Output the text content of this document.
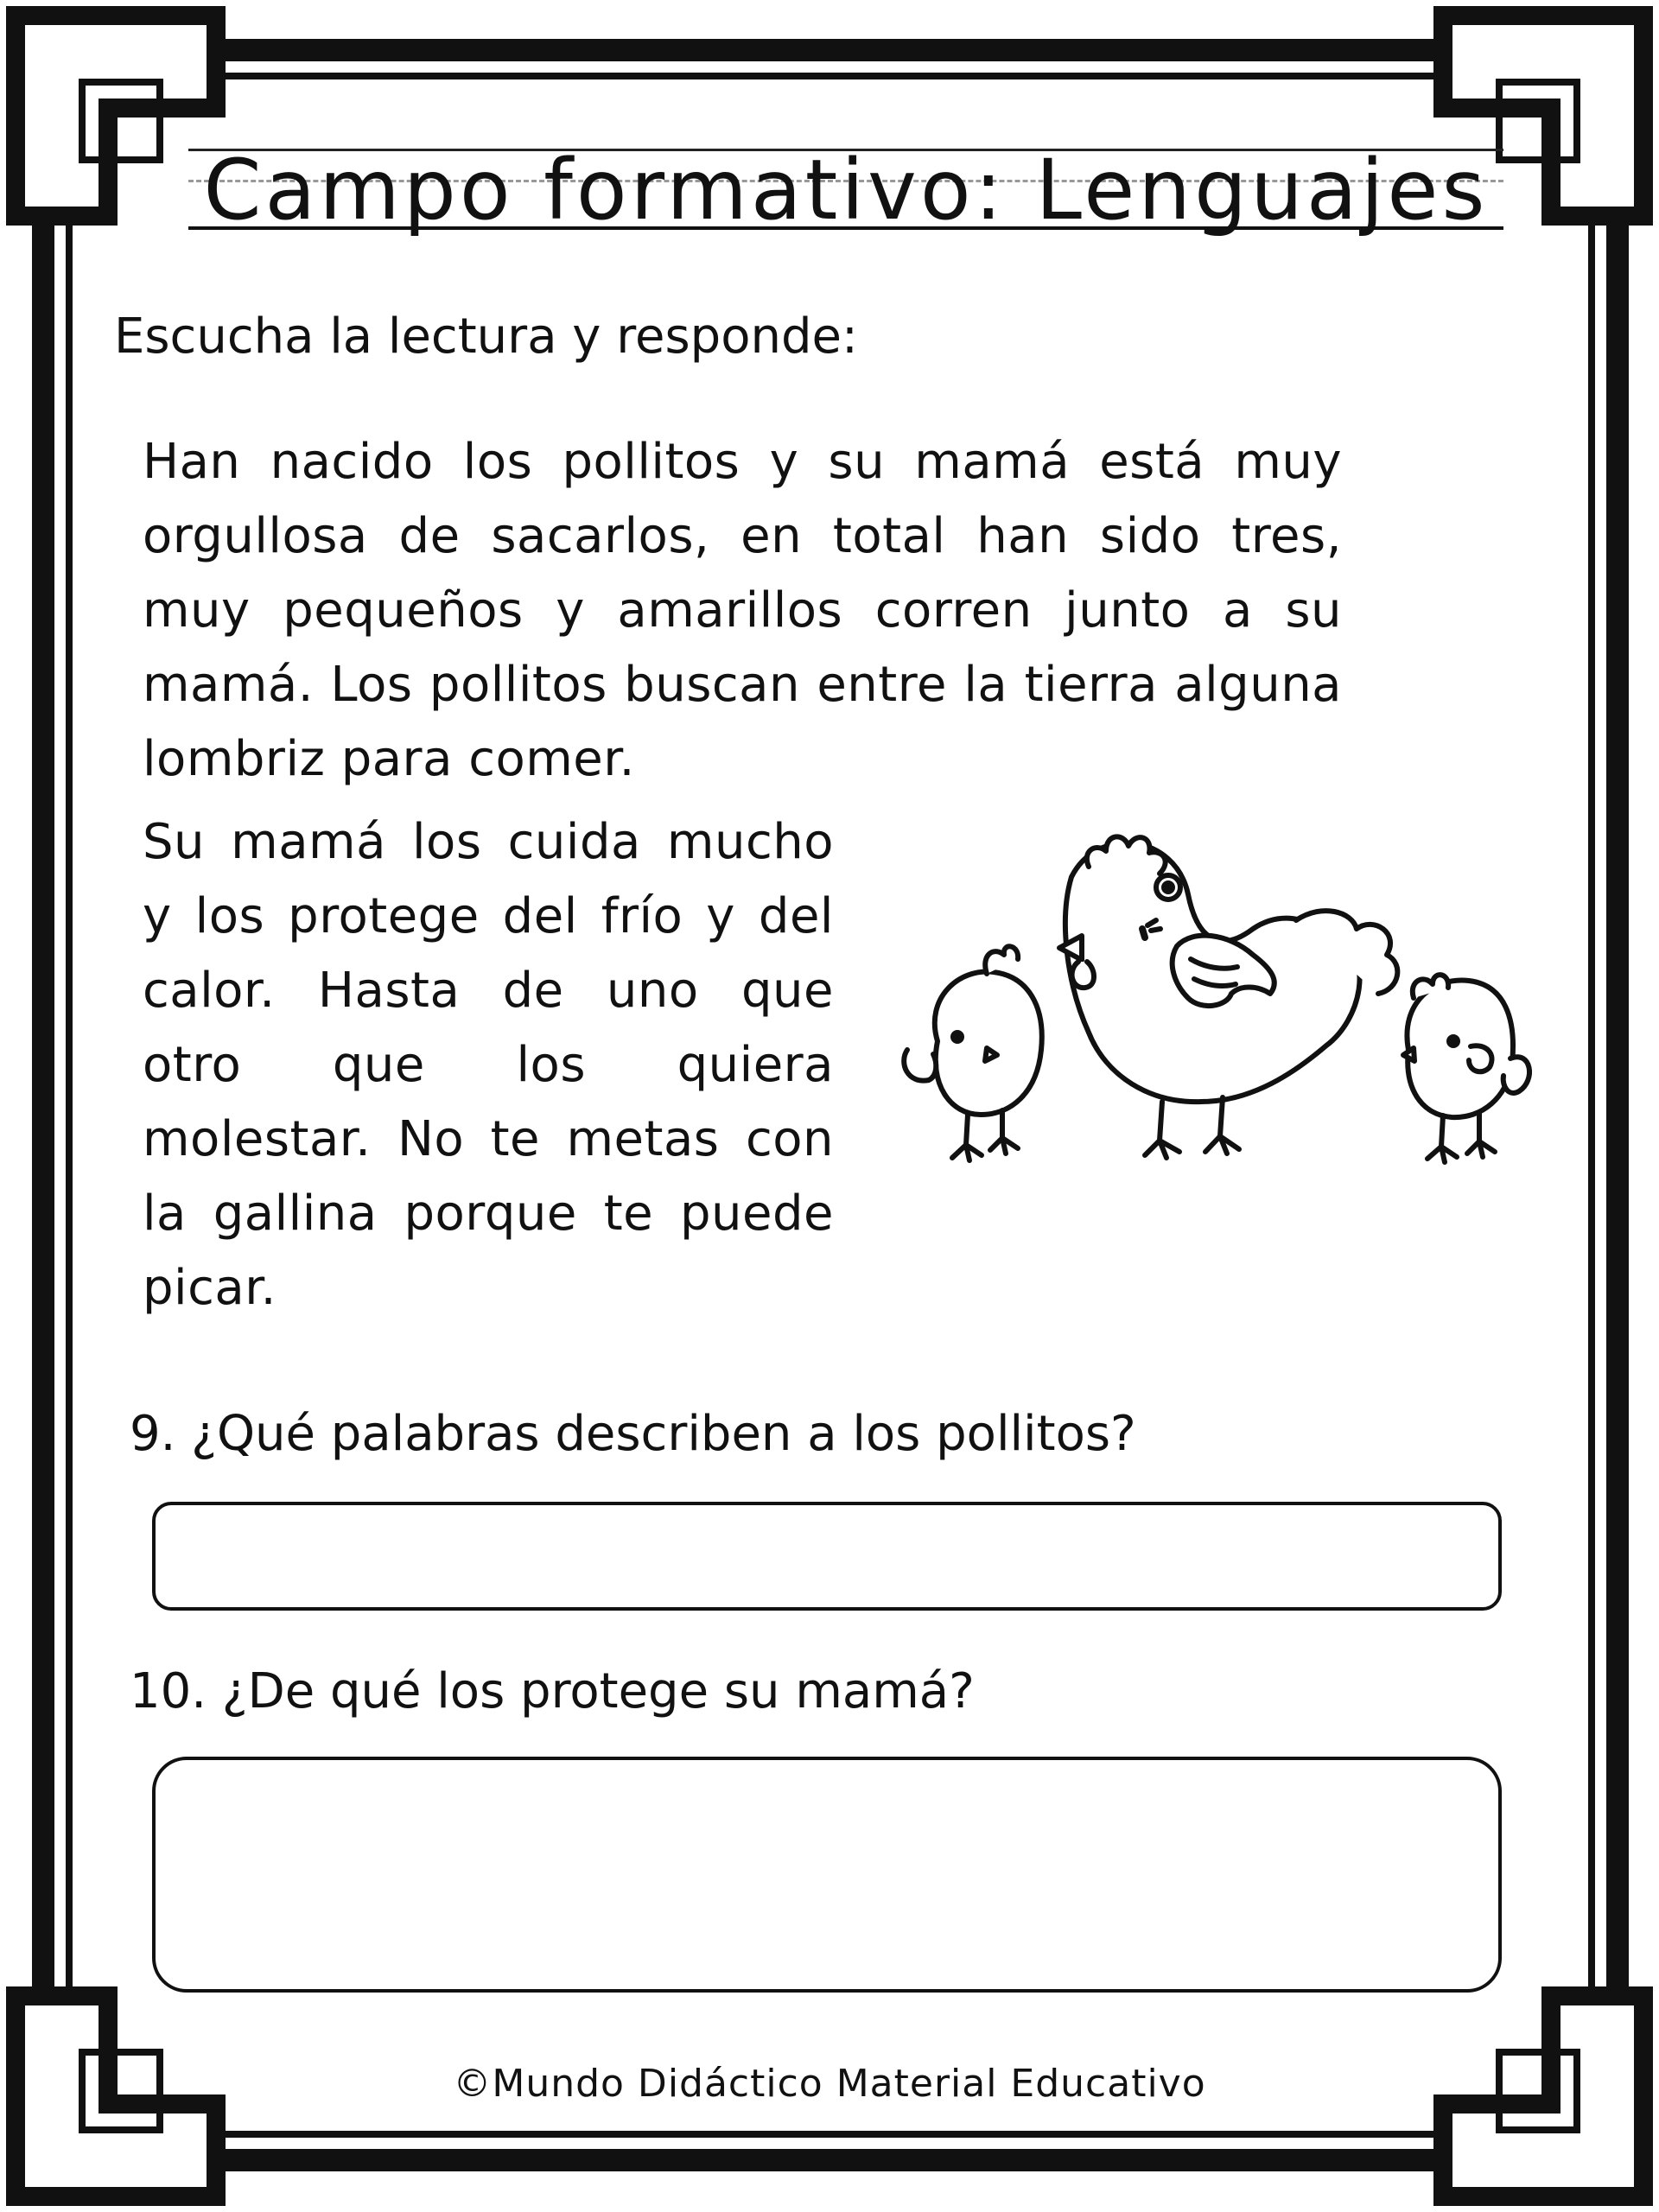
Campo formativo: Lenguajes
Escucha la lectura y responde:

Han nacido los pollitos y su mamá está muy orgullosa de sacarlos, en total han sido tres, muy pequeños y amarillos corren junto a su mamá. Los pollitos buscan entre la tierra alguna lombriz para comer.

Su mamá los cuida mucho y los protege del frío y del calor. Hasta de uno que otro que los quiera molestar. No te metas con la gallina porque te puede picar.

9. ¿Qué palabras describen a los pollitos?
10. ¿De qué los protege su mamá?
©Mundo Didáctico Material Educativo
